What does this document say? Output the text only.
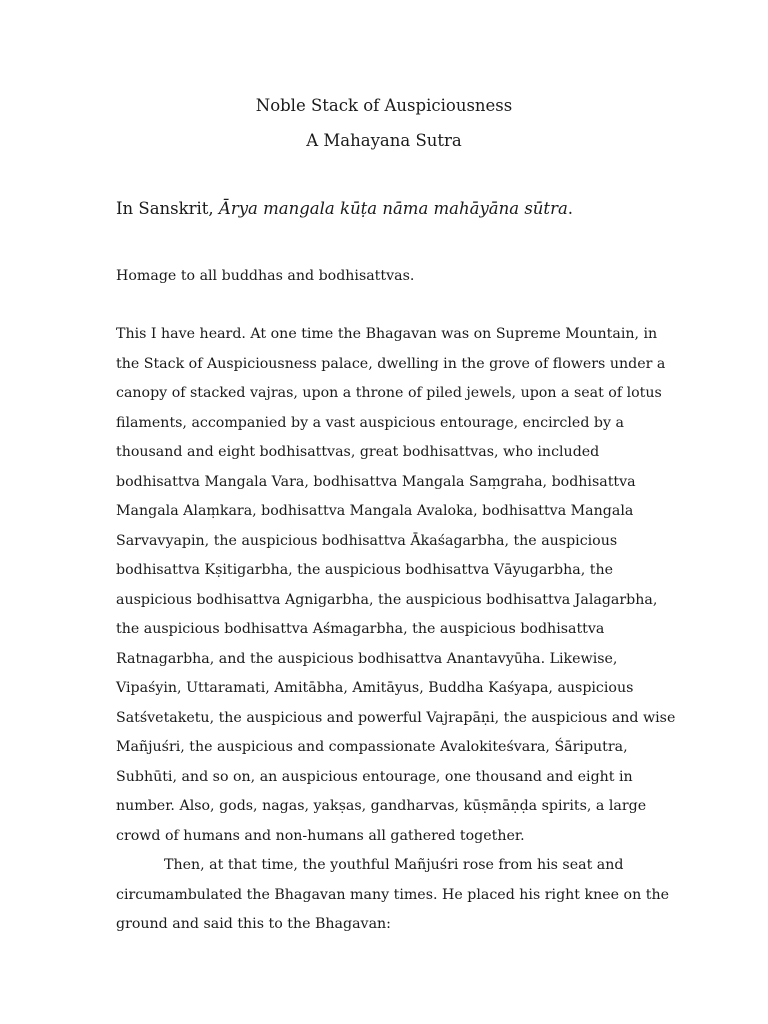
Noble Stack of Auspiciousness
A Mahayana Sutra

In Sanskrit, Ārya mangala kūṭa nāma mahāyāna sūtra.

Homage to all buddhas and bodhisattvas.

This I have heard. At one time the Bhagavan was on Supreme Mountain, in
the Stack of Auspiciousness palace, dwelling in the grove of flowers under a
canopy of stacked vajras, upon a throne of piled jewels, upon a seat of lotus
filaments, accompanied by a vast auspicious entourage, encircled by a
thousand and eight bodhisattvas, great bodhisattvas, who included
bodhisattva Mangala Vara, bodhisattva Mangala Saṃgraha, bodhisattva
Mangala Alaṃkara, bodhisattva Mangala Avaloka, bodhisattva Mangala
Sarvavyapin, the auspicious bodhisattva Ākaśagarbha, the auspicious
bodhisattva Kṣitigarbha, the auspicious bodhisattva Vāyugarbha, the
auspicious bodhisattva Agnigarbha, the auspicious bodhisattva Jalagarbha,
the auspicious bodhisattva Aśmagarbha, the auspicious bodhisattva
Ratnagarbha, and the auspicious bodhisattva Anantavyūha. Likewise,
Vipaśyin, Uttaramati, Amitābha, Amitāyus, Buddha Kaśyapa, auspicious
Satśvetaketu, the auspicious and powerful Vajrapāṇi, the auspicious and wise
Mañjuśri, the auspicious and compassionate Avalokiteśvara, Śāriputra,
Subhūti, and so on, an auspicious entourage, one thousand and eight in
number. Also, gods, nagas, yakṣas, gandharvas, kūṣmāṇḍa spirits, a large
crowd of humans and non-humans all gathered together.

Then, at that time, the youthful Mañjuśri rose from his seat and
circumambulated the Bhagavan many times. He placed his right knee on the
ground and said this to the Bhagavan:
